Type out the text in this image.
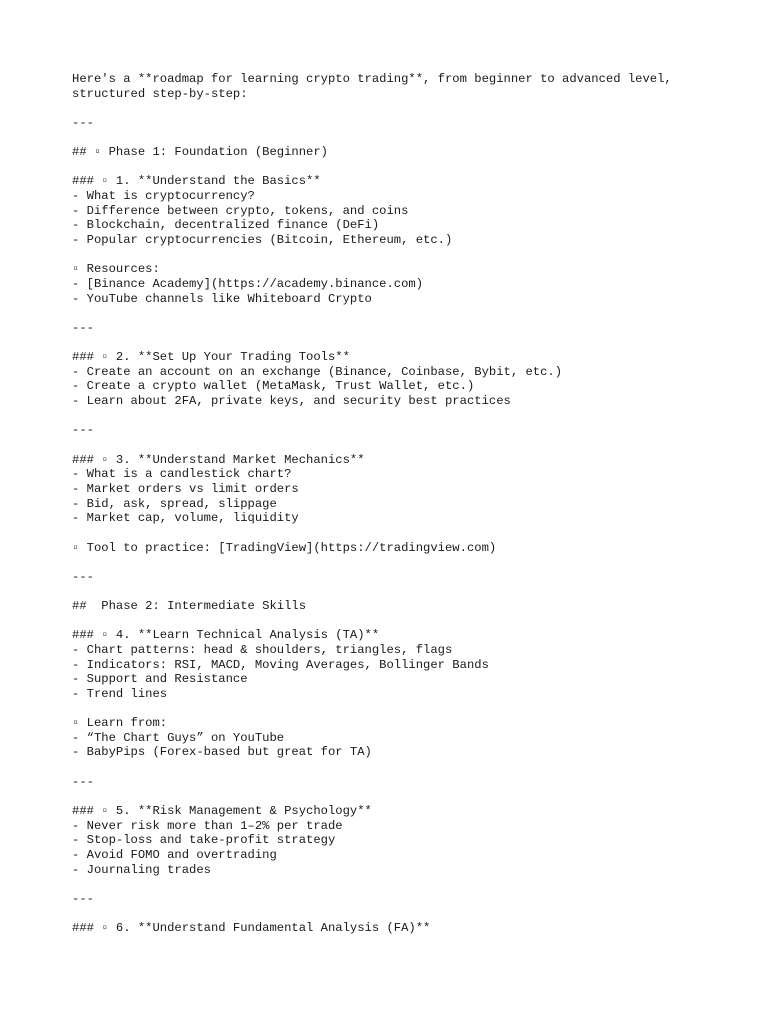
Here's a **roadmap for learning crypto trading**, from beginner to advanced level,
structured step-by-step:
---
## ▫ Phase 1: Foundation (Beginner)
### ▫ 1. **Understand the Basics**
- What is cryptocurrency?
- Difference between crypto, tokens, and coins
- Blockchain, decentralized finance (DeFi)
- Popular cryptocurrencies (Bitcoin, Ethereum, etc.)
▫ Resources:
- [Binance Academy](https://academy.binance.com)
- YouTube channels like Whiteboard Crypto
---
### ▫ 2. **Set Up Your Trading Tools**
- Create an account on an exchange (Binance, Coinbase, Bybit, etc.)
- Create a crypto wallet (MetaMask, Trust Wallet, etc.)
- Learn about 2FA, private keys, and security best practices
---
### ▫ 3. **Understand Market Mechanics**
- What is a candlestick chart?
- Market orders vs limit orders
- Bid, ask, spread, slippage
- Market cap, volume, liquidity
▫ Tool to practice: [TradingView](https://tradingview.com)
---
##  Phase 2: Intermediate Skills
### ▫ 4. **Learn Technical Analysis (TA)**
- Chart patterns: head & shoulders, triangles, flags
- Indicators: RSI, MACD, Moving Averages, Bollinger Bands
- Support and Resistance
- Trend lines
▫ Learn from:
- “The Chart Guys” on YouTube
- BabyPips (Forex-based but great for TA)
---
### ▫ 5. **Risk Management & Psychology**
- Never risk more than 1–2% per trade
- Stop-loss and take-profit strategy
- Avoid FOMO and overtrading
- Journaling trades
---
### ▫ 6. **Understand Fundamental Analysis (FA)**
